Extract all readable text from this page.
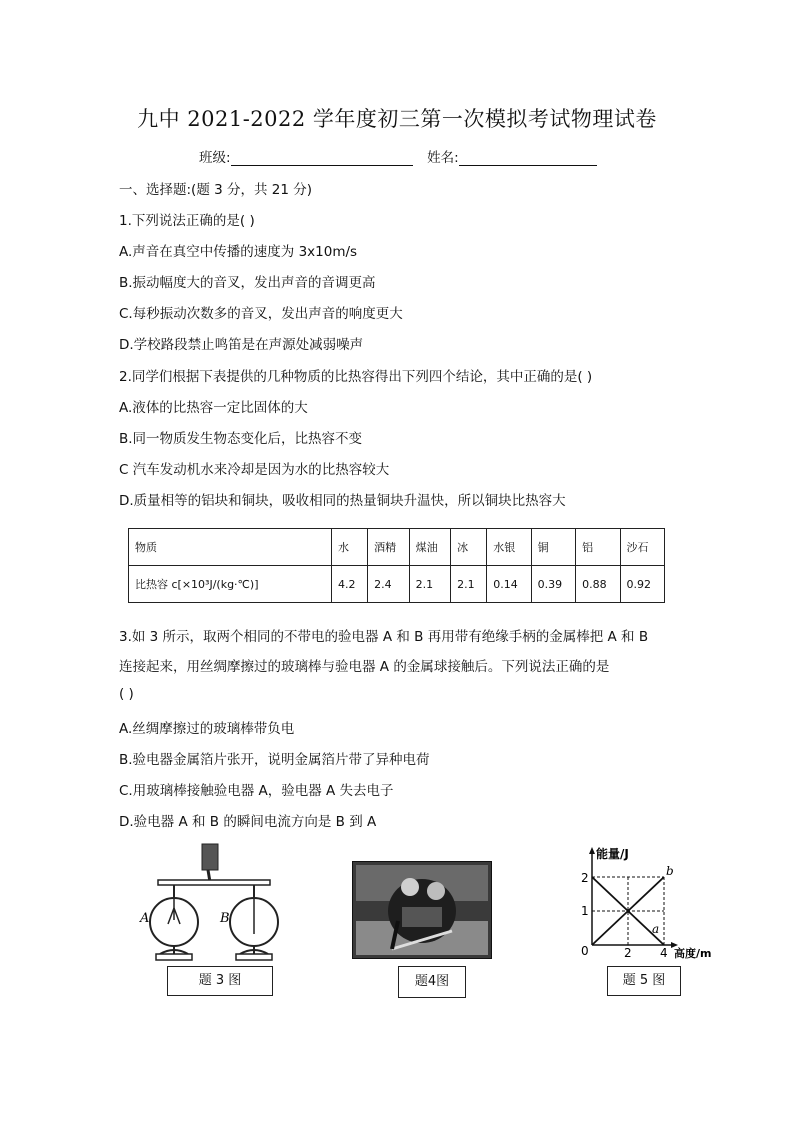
九中 2021-2022 学年度初三第一次模拟考试物理试卷
班级:	姓名:
一、选择题:(题 3 分，共 21 分)
1.下列说法正确的是( )
A.声音在真空中传播的速度为 3x10m/s
B.振动幅度大的音叉，发出声音的音调更高
C.每秒振动次数多的音叉，发出声音的响度更大
D.学校路段禁止鸣笛是在声源处减弱噪声
2.同学们根据下表提供的几种物质的比热容得出下列四个结论，其中正确的是( )
A.液体的比热容一定比固体的大
B.同一物质发生物态变化后，比热容不变
C 汽车发动机水来冷却是因为水的比热容较大
D.质量相等的铝块和铜块，吸收相同的热量铜块升温快，所以铜块比热容大
物质	水	酒精	煤油	冰	水银	铜	铝	沙石
比热容 c[×10³J/(kg·℃)]	4.2	2.4	2.1	2.1	0.14	0.39	0.88	0.92
3.如 3 所示，取两个相同的不带电的验电器 A 和 B 再用带有绝缘手柄的金属棒把 A 和 B
连接起来，用丝绸摩擦过的玻璃棒与验电器 A 的金属球接触后。下列说法正确的是
( )
A.丝绸摩擦过的玻璃棒带负电
B.验电器金属箔片张开，说明金属箔片带了异种电荷
C.用玻璃棒接触验电器 A，验电器 A 失去电子
D.验电器 A 和 B 的瞬间电流方向是 B 到 A
A	B
题 3 图	题4图
能量/J
高度/m
0
1
2
2 4
a
b
题 5 图
